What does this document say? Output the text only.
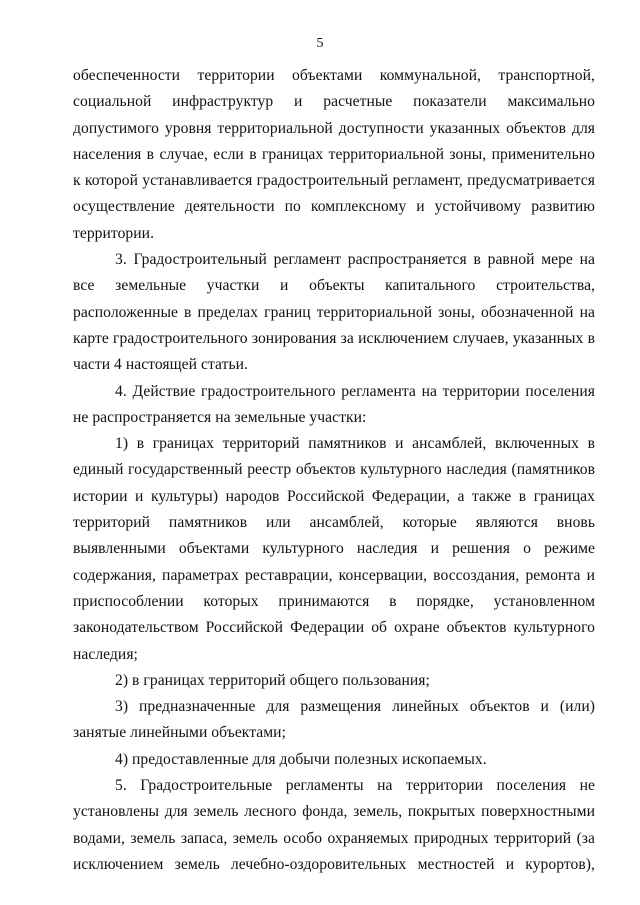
5

обеспеченности территории объектами коммунальной, транспортной, социальной инфраструктур и расчетные показатели максимально допустимого уровня территориальной доступности указанных объектов для населения в случае, если в границах территориальной зоны, применительно к которой устанавливается градостроительный регламент, предусматривается осуществление деятельности по комплексному и устойчивому развитию территории.

3. Градостроительный регламент распространяется в равной мере на все земельные участки и объекты капитального строительства, расположенные в пределах границ территориальной зоны, обозначенной на карте градостроительного зонирования за исключением случаев, указанных в части 4 настоящей статьи.

4. Действие градостроительного регламента на территории поселения не распространяется на земельные участки:

1) в границах территорий памятников и ансамблей, включенных в единый государственный реестр объектов культурного наследия (памятников истории и культуры) народов Российской Федерации, а также в границах территорий памятников или ансамблей, которые являются вновь выявленными объектами культурного наследия и решения о режиме содержания, параметрах реставрации, консервации, воссоздания, ремонта и приспособлении которых принимаются в порядке, установленном законодательством Российской Федерации об охране объектов культурного наследия;

2) в границах территорий общего пользования;

3) предназначенные для размещения линейных объектов и (или) занятые линейными объектами;

4) предоставленные для добычи полезных ископаемых.

5. Градостроительные регламенты на территории поселения не установлены для земель лесного фонда, земель, покрытых поверхностными водами, земель запаса, земель особо охраняемых природных территорий (за исключением земель лечебно-оздоровительных местностей и курортов),
